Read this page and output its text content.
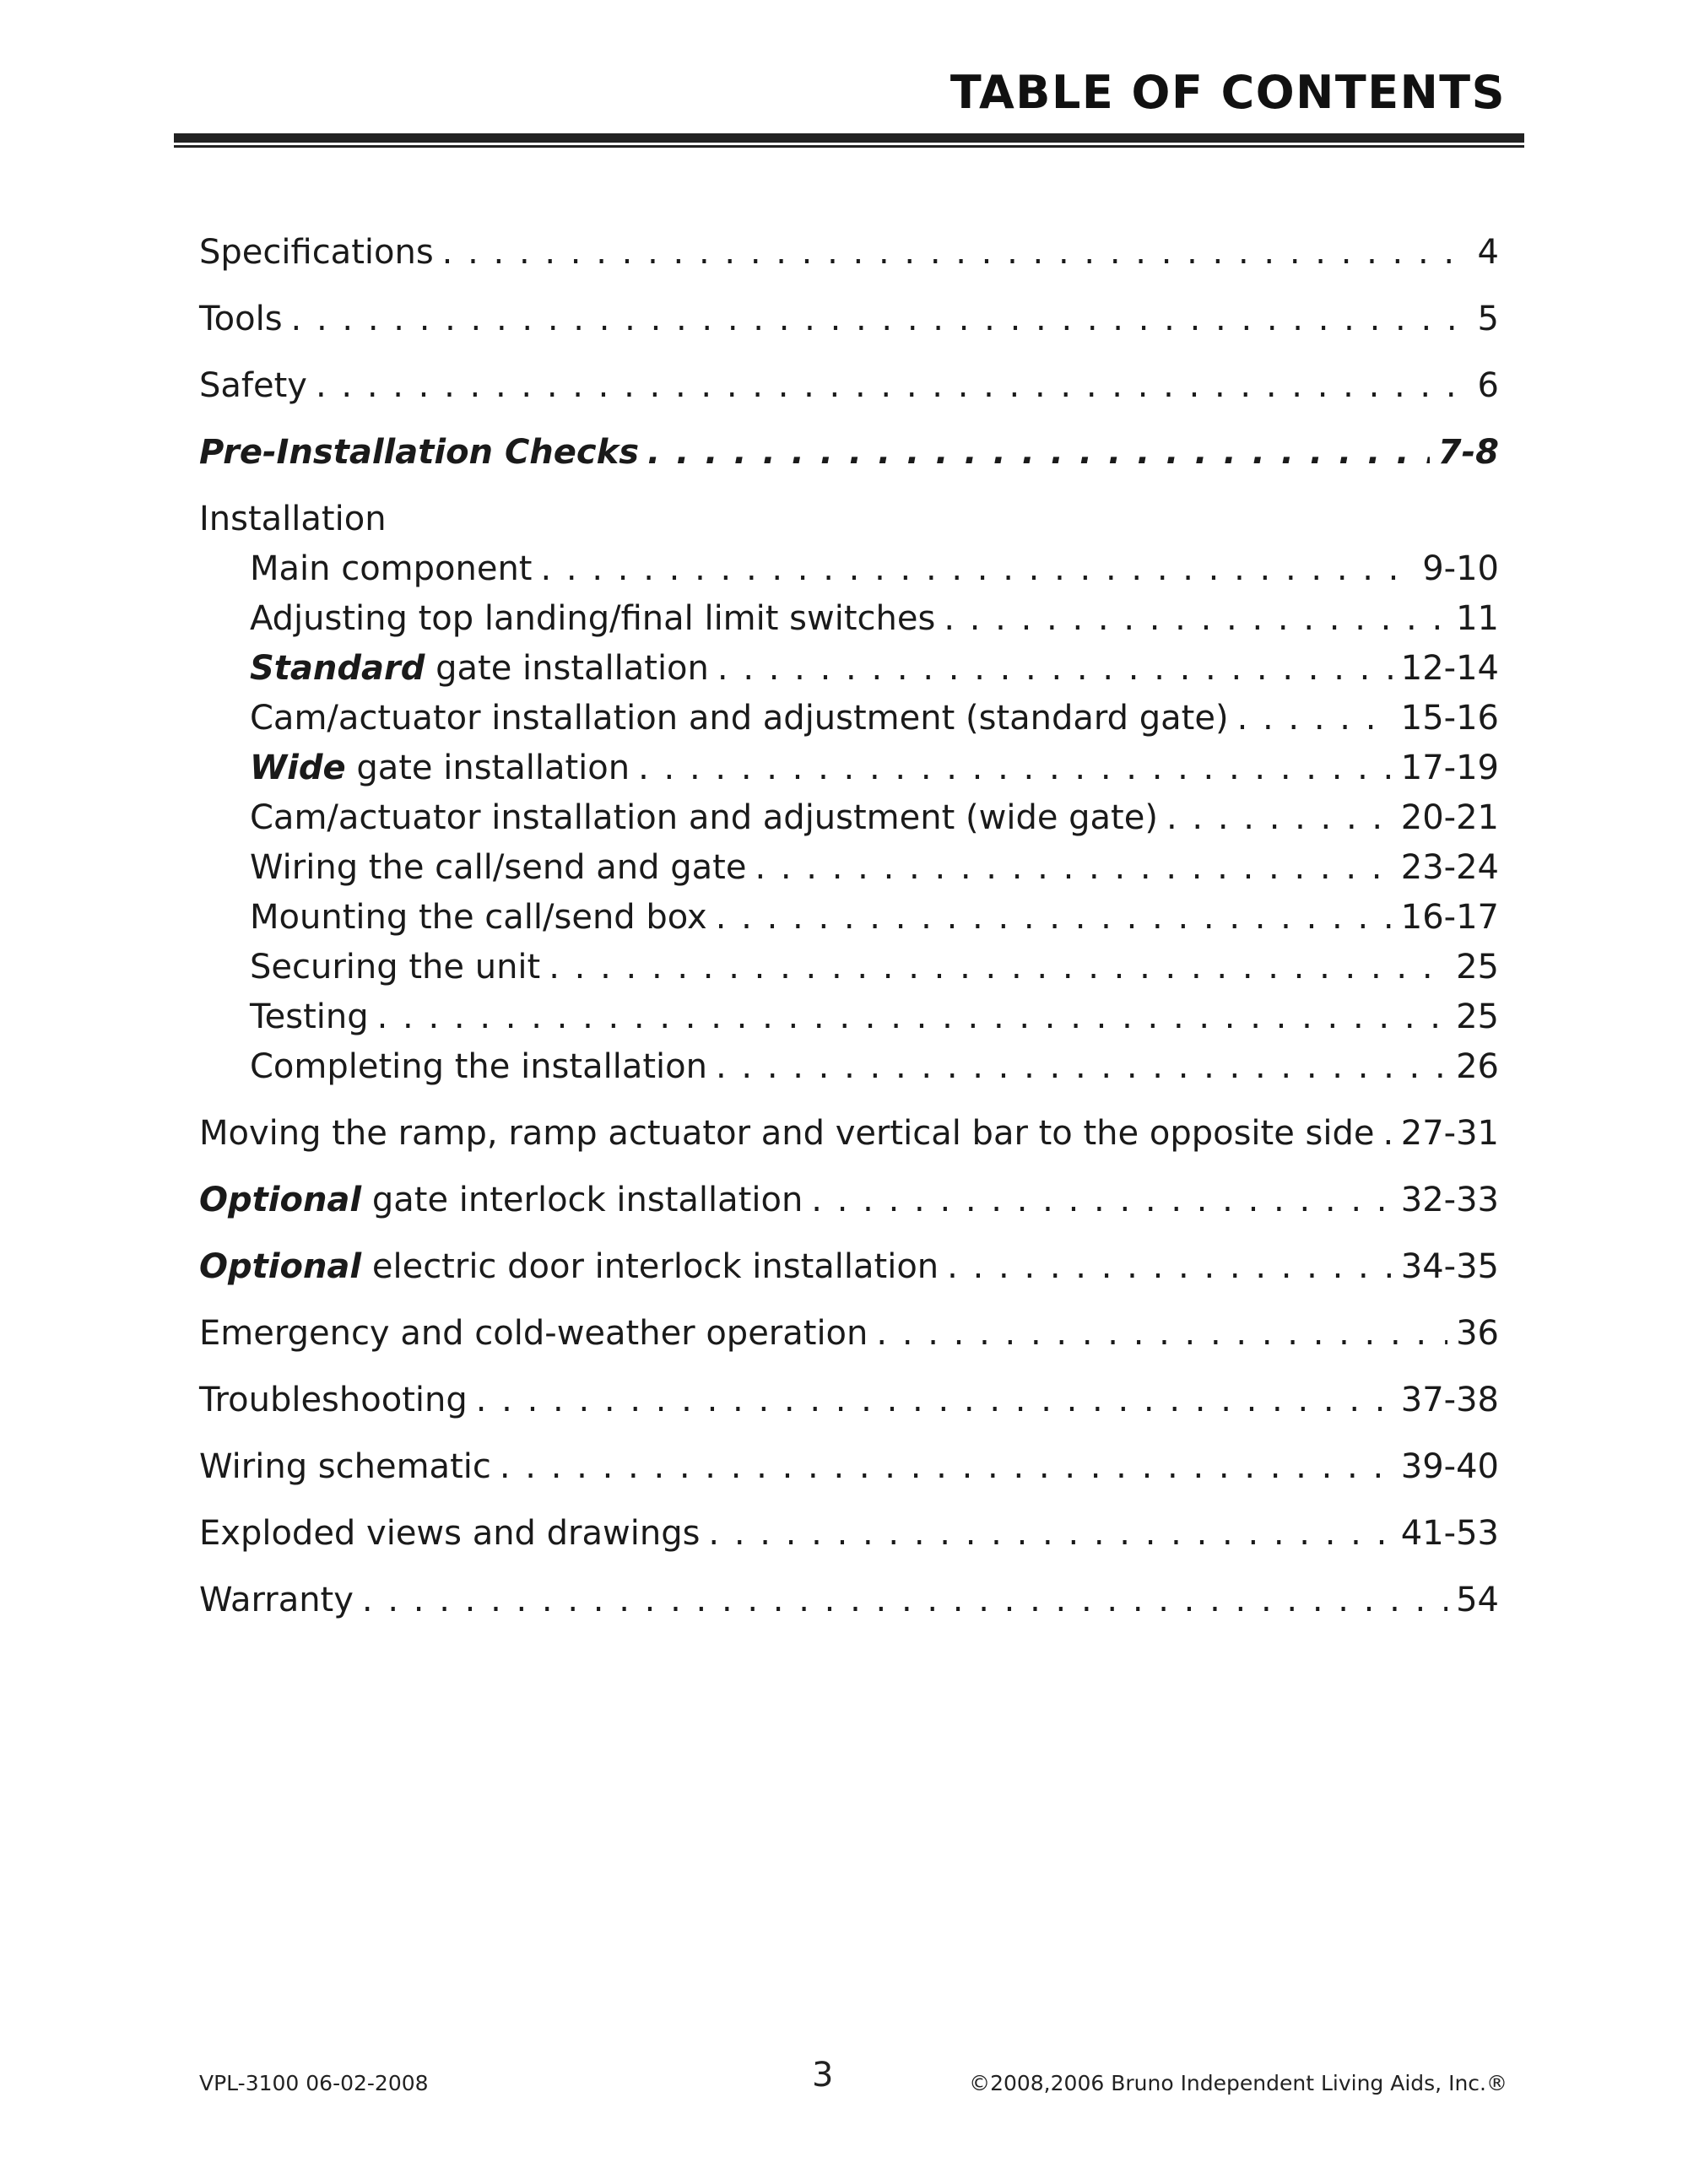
TABLE OF CONTENTS
Specifications . . .	4
Tools . . .	5
Safety . . .	6
Pre-Installation Checks . . .	7-8
Installation
Main component . . .	9-10
Adjusting top landing/final limit switches . . .	11
Standard gate installation . . .	12-14
Cam/actuator installation and adjustment (standard gate) . . .	15-16
Wide gate installation . . .	17-19
Cam/actuator installation and adjustment (wide gate) . . .	20-21
Wiring the call/send and gate . . .	23-24
Mounting the call/send box . . .	16-17
Securing the unit . . .	25
Testing . . .	25
Completing the installation . . .	26
Moving the ramp, ramp actuator and vertical bar to the opposite side . . . 27-31
Optional gate interlock installation . . .	32-33
Optional electric door interlock installation . . .	34-35
Emergency and cold-weather operation . . .	36
Troubleshooting . . .	37-38
Wiring schematic . . .	39-40
Exploded views and drawings . . .	41-53
Warranty . . .	54
VPL-3100 06-02-2008	3	©2008,2006 Bruno Independent Living Aids, Inc.®
